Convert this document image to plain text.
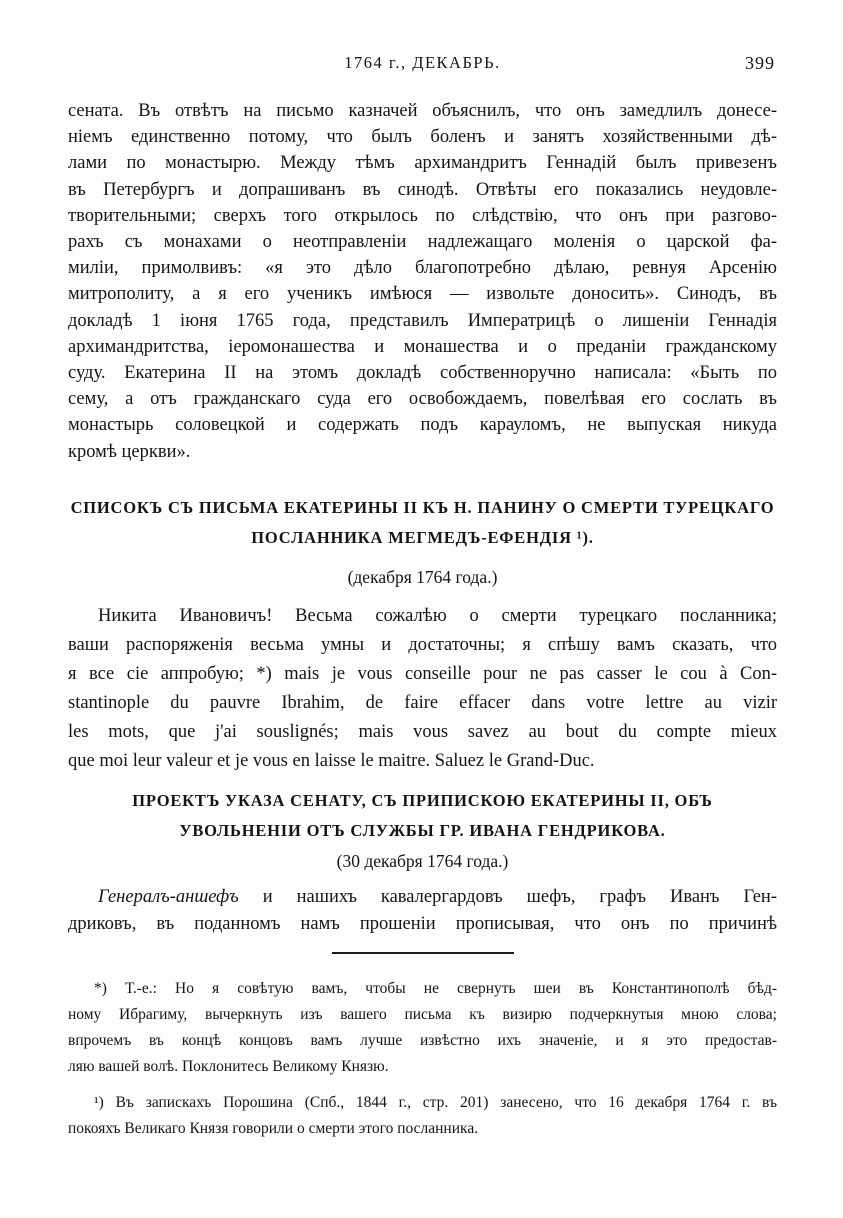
1764 г., ДЕКАБРЬ.	399
сената. Въ отвѣтъ на письмо казначей объяснилъ, что онъ замедлилъ донесе-
ніемъ единственно потому, что былъ боленъ и занятъ хозяйственными дѣ-
лами по монастырю. Между тѣмъ архимандритъ Геннадій былъ привезенъ
въ Петербургъ и допрашиванъ въ синодѣ. Отвѣты его показались неудовле-
творительными; сверхъ того открылось по слѣдствію, что онъ при разгово-
рахъ съ монахами о неотправленіи надлежащаго моленія о царской фа-
миліи, примолвивъ: «я это дѣло благопотребно дѣлаю, ревнуя Арсенію
митрополиту, а я его ученикъ имѣюся — извольте доносить». Синодъ, въ
докладѣ 1 іюня 1765 года, представилъ Императрицѣ о лишеніи Геннадія
архимандритства, іеромонашества и монашества и о преданіи гражданскому
суду. Екатерина II на этомъ докладѣ собственноручно написала: «Быть по
сему, а отъ гражданскаго суда его освобождаемъ, повелѣвая его сослать въ
монастырь соловецкой и содержать подъ карауломъ, не выпуская никуда
кромѣ церкви».
СПИСОКЪ СЪ ПИСЬМА ЕКАТЕРИНЫ II КЪ Н. ПАНИНУ О СМЕРТИ ТУРЕЦКАГО
ПОСЛАННИКА МЕГМЕДЪ-ЕФЕНДІЯ ¹).
(декабря 1764 года.)
Никита Ивановичъ! Весьма сожалѣю о смерти турецкаго посланника;
ваши распоряженія весьма умны и достаточны; я спѣшу вамъ сказать, что
я все сіе аппробую; *) mais je vous conseille pour ne pas casser le cou à Con-
stantinople du pauvre Ibrahim, de faire effacer dans votre lettre au vizir
les mots, que j'ai souslignés; mais vous savez au bout du compte mieux
que moi leur valeur et je vous en laisse le maitre. Saluez le Grand-Duc.
ПРОЕКТЪ УКАЗА СЕНАТУ, СЪ ПРИПИСКОЮ ЕКАТЕРИНЫ II, ОБЪ
УВОЛЬНЕНІИ ОТЪ СЛУЖБЫ ГР. ИВАНА ГЕНДРИКОВА.
(30 декабря 1764 года.)
Генералъ-аншефъ и нашихъ кавалергардовъ шефъ, графъ Иванъ Ген-
дриковъ, въ поданномъ намъ прошеніи прописывая, что онъ по причинѣ
*) Т.-е.: Но я совѣтую вамъ, чтобы не свернуть шеи въ Константинополѣ бѣд-
ному Ибрагиму, вычеркнуть изъ вашего письма къ визирю подчеркнутыя мною слова;
впрочемъ въ концѣ концовъ вамъ лучше извѣстно ихъ значеніе, и я это предостав-
ляю вашей волѣ. Поклонитесь Великому Князю.
¹) Въ запискахъ Порошина (Спб., 1844 г., стр. 201) занесено, что 16 декабря 1764 г. въ
покояхъ Великаго Князя говорили о смерти этого посланника.
